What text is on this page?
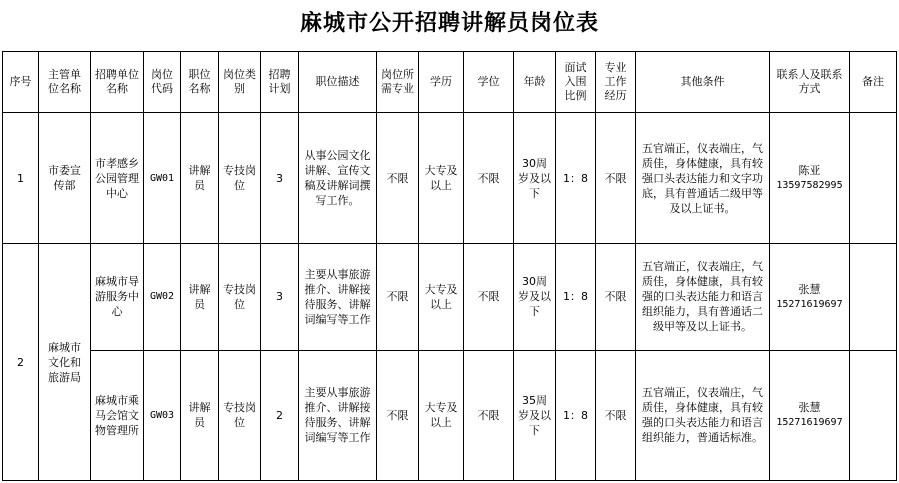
麻城市公开招聘讲解员岗位表
序号	主管单位名称	招聘单位名称	岗位代码	职位名称	岗位类别	招聘计划	职位描述	岗位所需专业	学历	学位	年龄	面试入围比例	专业工作经历	其他条件	联系人及联系方式	备注
1	市委宣传部	市孝感乡公园管理中心	GW01	讲解员	专技岗位	3	从事公园文化讲解、宣传文稿及讲解词撰写工作。	不限	大专及以上	不限	30周岁及以下	1：8	不限	五官端正，仪表端庄，气质佳，身体健康，具有较强口头表达能力和文字功底，具有普通话二级甲等及以上证书。	陈亚
13597582995	

2	麻城市文化和旅游局	麻城市导游服务中心	GW02	讲解员	专技岗位	3	主要从事旅游推介、讲解接待服务、讲解词编写等工作	不限	大专及以上	不限	30周岁及以下	1：8	不限	五官端正，仪表端庄，气质佳，身体健康，具有较强的口头表达能力和语言组织能力，具有普通话二级甲等及以上证书。	张慧
15271619697	

		麻城市乘马会馆文物管理所	GW03	讲解员	专技岗位	2	主要从事旅游推介、讲解接待服务、讲解词编写等工作	不限	大专及以上	不限	35周岁及以下	1：8	不限	五官端正，仪表端庄，气质佳，身体健康，具有较强的口头表达能力和语言组织能力，普通话标准。	张慧
15271619697	
